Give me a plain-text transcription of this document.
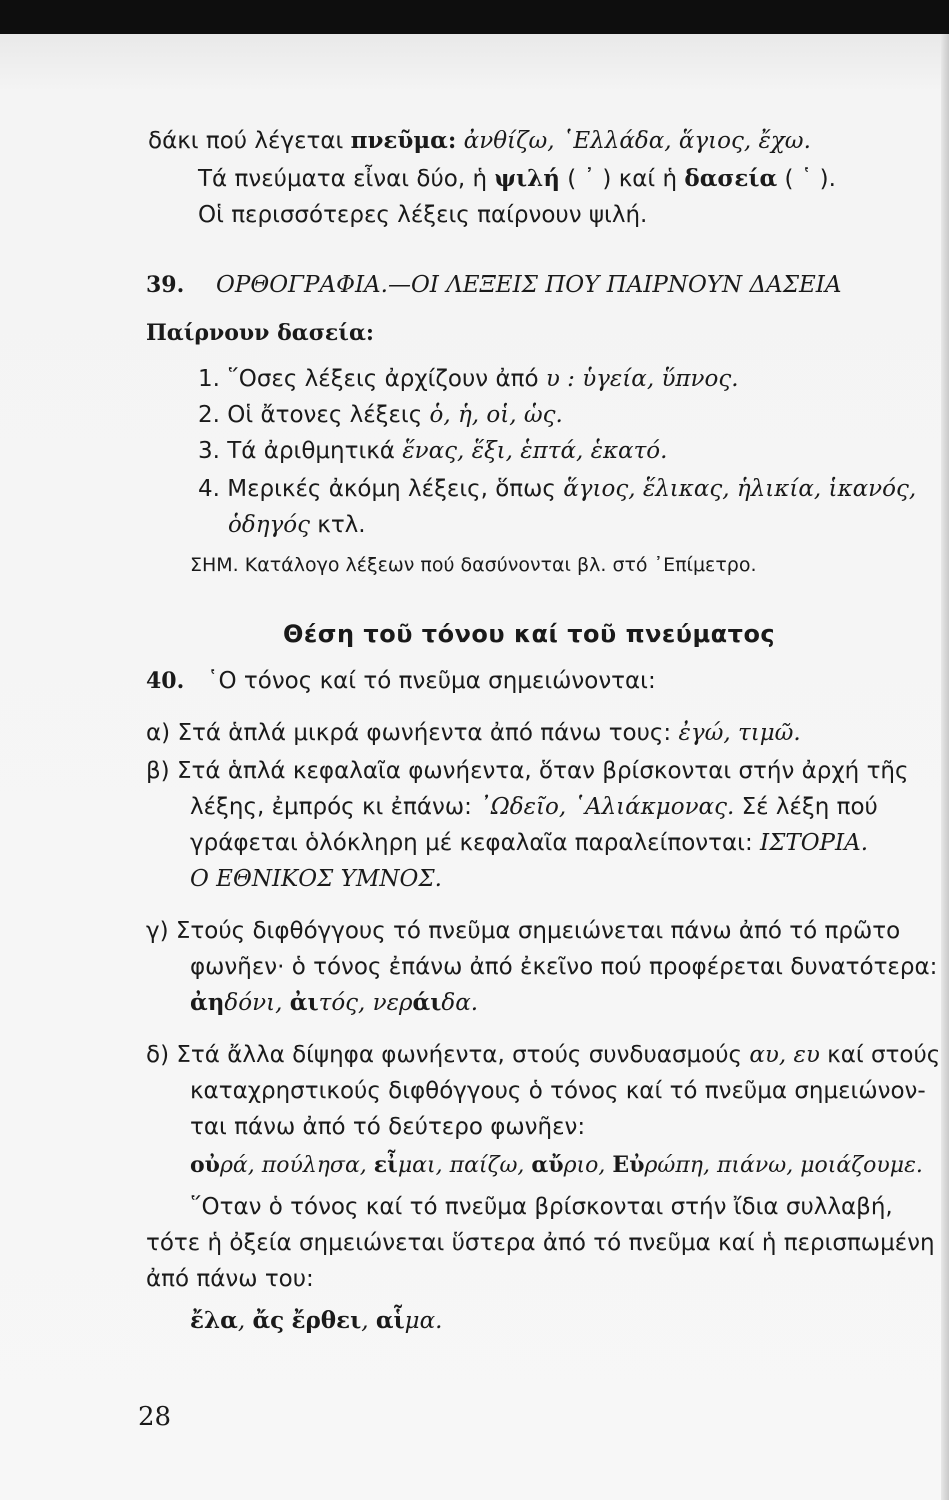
δάκι πού λέγεται πνεῦμα: ἀνθίζω, ῾Ελλάδα, ἅγιος, ἔχω.
Τά πνεύματα εἶναι δύο, ἡ ψιλή ( ᾿ ) καί ἡ δασεία ( ῾ ).
Οἱ περισσότερες λέξεις παίρνουν ψιλή.
39. ΟΡΘΟΓΡΑΦΙΑ.—ΟΙ ΛΕΞΕΙΣ ΠΟΥ ΠΑΙΡΝΟΥΝ ΔΑΣΕΙΑ
Παίρνουν δασεία:
1. ῞Οσες λέξεις ἀρχίζουν ἀπό υ : ὑγεία, ὕπνος.
2. Οἱ ἄτονες λέξεις ὁ, ἡ, οἱ, ὡς.
3. Τά ἀριθμητικά ἕνας, ἕξι, ἑπτά, ἑκατό.
4. Μερικές ἀκόμη λέξεις, ὅπως ἅγιος, ἕλικας, ἡλικία, ἱκανός,
ὁδηγός κτλ.
ΣΗΜ. Κατάλογο λέξεων πού δασύνονται βλ. στό ᾿Επίμετρο.
Θέση τοῦ τόνου καί τοῦ πνεύματος
40. ῾Ο τόνος καί τό πνεῦμα σημειώνονται:
α) Στά ἁπλά μικρά φωνήεντα ἀπό πάνω τους: ἐγώ, τιμῶ.
β) Στά ἁπλά κεφαλαῖα φωνήεντα, ὅταν βρίσκονται στήν ἀρχή τῆς
λέξης, ἐμπρός κι ἐπάνω: ᾿Ωδεῖο, ῾Αλιάκμονας. Σέ λέξη πού
γράφεται ὁλόκληρη μέ κεφαλαῖα παραλείπονται: ΙΣΤΟΡΙΑ.
Ο ΕΘΝΙΚΟΣ ΥΜΝΟΣ.
γ) Στούς διφθόγγους τό πνεῦμα σημειώνεται πάνω ἀπό τό πρῶτο
φωνῆεν· ὁ τόνος ἐπάνω ἀπό ἐκεῖνο πού προφέρεται δυνατότερα:
ἀηδόνι, ἀιτός, νεράιδα.
δ) Στά ἄλλα δίψηφα φωνήεντα, στούς συνδυασμούς αυ, ευ καί στούς
καταχρηστικούς διφθόγγους ὁ τόνος καί τό πνεῦμα σημειώνον-
ται πάνω ἀπό τό δεύτερο φωνῆεν:
οὐρά, πούλησα, εἶμαι, παίζω, αὔριο, Εὐρώπη, πιάνω, μοιάζουμε.
῞Οταν ὁ τόνος καί τό πνεῦμα βρίσκονται στήν ἴδια συλλαβή,
τότε ἡ ὀξεία σημειώνεται ὕστερα ἀπό τό πνεῦμα καί ἡ περισπωμένη
ἀπό πάνω του:
ἔλα, ἄς ἔρθει, αἷμα.
28
